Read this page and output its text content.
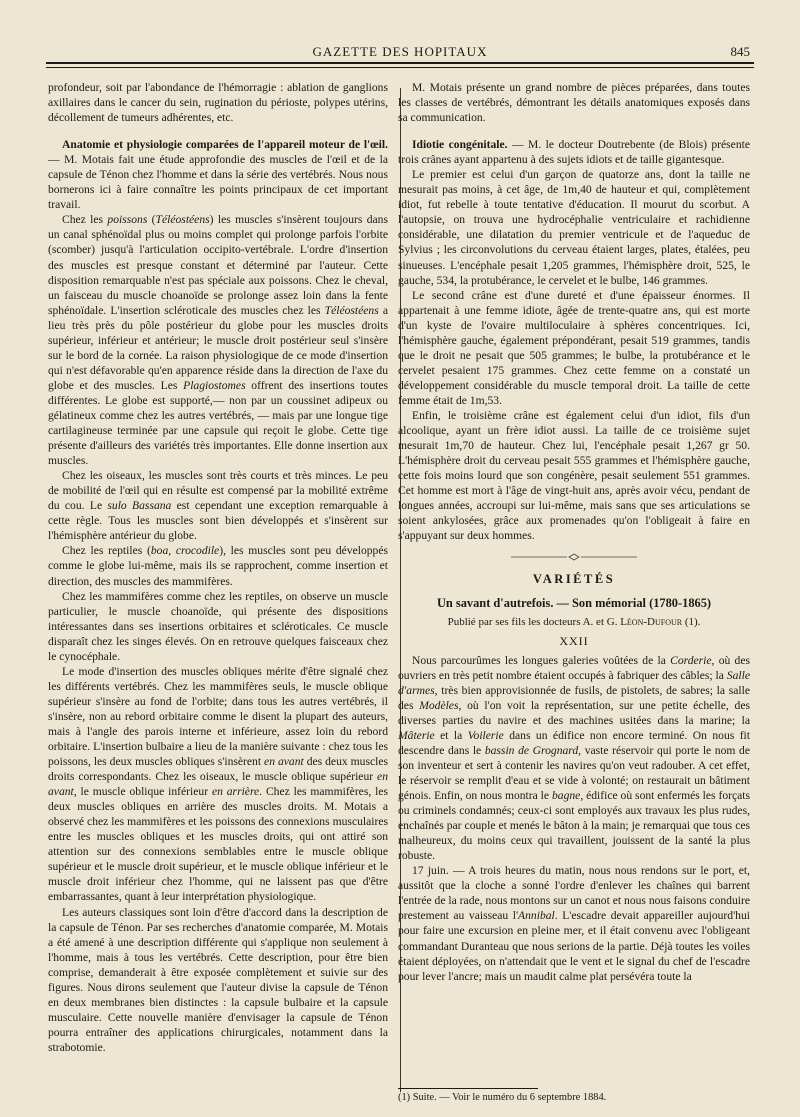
GAZETTE DES HOPITAUX	845

profondeur, soit par l'abondance de l'hémorragie : ablation de ganglions axillaires dans le cancer du sein, rugination du périoste, polypes utérins, décollement de tumeurs adhérentes, etc.

Anatomie et physiologie comparées de l'appareil moteur de l'œil. — M. Motais fait une étude approfondie des muscles de l'œil et de la capsule de Ténon chez l'homme et dans la série des vertébrés. Nous nous bornerons ici à faire connaître les points principaux de cet important travail.

Chez les poissons (Téléostéens) les muscles s'insèrent toujours dans un canal sphénoïdal plus ou moins complet qui prolonge parfois l'orbite (scomber) jusqu'à l'articulation occipito-vertébrale. L'ordre d'insertion des muscles est presque constant et déterminé par l'auteur. Cette disposition remarquable n'est pas spéciale aux poissons. Chez le cheval, un faisceau du muscle choanoïde se prolonge assez loin dans la fente sphénoïdale. L'insertion scléroticale des muscles chez les Téléostéens a lieu très près du pôle postérieur du globe pour les muscles droits supérieur, inférieur et antérieur; le muscle droit postérieur seul s'insère sur le bord de la cornée. La raison physiologique de ce mode d'insertion qui n'est défavorable qu'en apparence réside dans la direction de l'axe du globe et des muscles. Les Plagiostomes offrent des insertions toutes différentes. Le globe est supporté,— non par un coussinet adipeux ou gélatineux comme chez les autres vertébrés, — mais par une longue tige cartilagineuse terminée par une capsule qui reçoit le globe. Cette tige présente d'ailleurs des variétés très importantes. Elle donne insertion aux muscles.

Chez les oiseaux, les muscles sont très courts et très minces. Le peu de mobilité de l'œil qui en résulte est compensé par la mobilité extrême du cou. Le sulo Bassana est cependant une exception remarquable à cette règle. Tous les muscles sont bien développés et s'insèrent sur l'hémisphère antérieur du globe.

Chez les reptiles (boa, crocodile), les muscles sont peu développés comme le globe lui-même, mais ils se rapprochent, comme insertion et direction, des muscles des mammifères.

Chez les mammifères comme chez les reptiles, on observe un muscle particulier, le muscle choanoïde, qui présente des dispositions intéressantes dans ses insertions orbitaires et scléroticales. Ce muscle disparaît chez les singes élevés. On en retrouve quelques faisceaux chez le cynocéphale.

Le mode d'insertion des muscles obliques mérite d'être signalé chez les différents vertébrés. Chez les mammifères seuls, le muscle oblique supérieur s'insère au fond de l'orbite; dans tous les autres vertébrés, il s'insère, non au rebord orbitaire comme le disent la plupart des auteurs, mais à l'angle des parois interne et inférieure, assez loin du rebord orbitaire. L'insertion bulbaire a lieu de la manière suivante : chez tous les poissons, les deux muscles obliques s'insèrent en avant des deux muscles droits correspondants. Chez les oiseaux, le muscle oblique supérieur en avant, le muscle oblique inférieur en arrière. Chez les mammifères, les deux muscles obliques en arrière des muscles droits. M. Motais a observé chez les mammifères et les poissons des connexions musculaires entre les muscles obliques et les muscles droits, qui ont attiré son attention sur des connexions semblables entre le muscle oblique supérieur et le muscle droit supérieur, et le muscle oblique inférieur et le muscle droit inférieur chez l'homme, qui ne laissent pas que d'être embarrassantes, quant à leur interprétation physiologique.

Les auteurs classiques sont loin d'être d'accord dans la description de la capsule de Ténon. Par ses recherches d'anatomie comparée, M. Motais a été amené à une description différente qui s'applique non seulement à l'homme, mais à tous les vertébrés. Cette description, pour être bien comprise, demanderait à être exposée complètement et suivie sur des figures. Nous dirons seulement que l'auteur divise la capsule de Ténon en deux membranes bien distinctes : la capsule bulbaire et la capsule musculaire. Cette nouvelle manière d'envisager la capsule de Ténon pourra entraîner des applications chirurgicales, notamment dans la strabotomie.

M. Motais présente un grand nombre de pièces préparées, dans toutes les classes de vertébrés, démontrant les détails anatomiques exposés dans sa communication.

Idiotie congénitale. — M. le docteur Doutrebente (de Blois) présente trois crânes ayant appartenu à des sujets idiots et de taille gigantesque.

Le premier est celui d'un garçon de quatorze ans, dont la taille ne mesurait pas moins, à cet âge, de 1m,40 de hauteur et qui, complètement idiot, fut rebelle à toute tentative d'éducation. Il mourut du scorbut. A l'autopsie, on trouva une hydrocéphalie ventriculaire et rachidienne considérable, une dilatation du premier ventricule et de l'aqueduc de Sylvius ; les circonvolutions du cerveau étaient larges, plates, étalées, peu sinueuses. L'encéphale pesait 1,205 grammes, l'hémisphère droit, 525, le gauche, 534, la protubérance, le cervelet et le bulbe, 146 grammes.

Le second crâne est d'une dureté et d'une épaisseur énormes. Il appartenait à une femme idiote, âgée de trente-quatre ans, qui est morte d'un kyste de l'ovaire multiloculaire à sphères concentriques. Ici, l'hémisphère gauche, également prépondérant, pesait 519 grammes, tandis que le droit ne pesait que 505 grammes; le bulbe, la protubérance et le cervelet pesaient 175 grammes. Chez cette femme on a constaté un développement considérable du muscle temporal droit. La taille de cette femme était de 1m,53.

Enfin, le troisième crâne est également celui d'un idiot, fils d'un alcoolique, ayant un frère idiot aussi. La taille de ce troisième sujet mesurait 1m,70 de hauteur. Chez lui, l'encéphale pesait 1,267 gr 50. L'hémisphère droit du cerveau pesait 555 grammes et l'hémisphère gauche, cette fois moins lourd que son congénère, pesait seulement 551 grammes. Cet homme est mort à l'âge de vingt-huit ans, après avoir vécu, pendant de longues années, accroupi sur lui-même, mais sans que ses articulations se soient ankylosées, grâce aux promenades qu'on l'obligeait à faire en s'appuyant sur deux hommes.

VARIÉTÉS
Un savant d'autrefois. — Son mémorial (1780-1865)
Publié par ses fils les docteurs A. et G. Léon-Dufour (1).
XXII

Nous parcourûmes les longues galeries voûtées de la Corderie, où des ouvriers en très petit nombre étaient occupés à fabriquer des câbles; la Salle d'armes, très bien approvisionnée de fusils, de pistolets, de sabres; la salle des Modèles, où l'on voit la représentation, sur une petite échelle, des diverses parties du navire et des machines usitées dans la marine; la Mâterie et la Voilerie dans un édifice non encore terminé. On nous fit descendre dans le bassin de Grognard, vaste réservoir qui porte le nom de son inventeur et sert à contenir les navires qu'on veut radouber. A cet effet, le réservoir se remplit d'eau et se vide à volonté; on restaurait un bâtiment génois. Enfin, on nous montra le bagne, édifice où sont enfermés les forçats ou criminels condamnés; ceux-ci sont employés aux travaux les plus rudes, enchaînés par couple et menés le bâton à la main; je remarquai que tous ces malheureux, du moins ceux qui travaillent, jouissent de la santé la plus robuste.

17 juin. — A trois heures du matin, nous nous rendons sur le port, et, aussitôt que la cloche a sonné l'ordre d'enlever les chaînes qui barrent l'entrée de la rade, nous montons sur un canot et nous nous faisons conduire prestement au vaisseau l'Annibal. L'escadre devait appareiller aujourd'hui pour faire une excursion en pleine mer, et il était convenu avec l'obligeant commandant Duranteau que nous serions de la partie. Déjà toutes les voiles étaient déployées, on n'attendait que le vent et le signal du chef de l'escadre pour lever l'ancre; mais un maudit calme plat persévéra toute la

(1) Suite. — Voir le numéro du 6 septembre 1884.
